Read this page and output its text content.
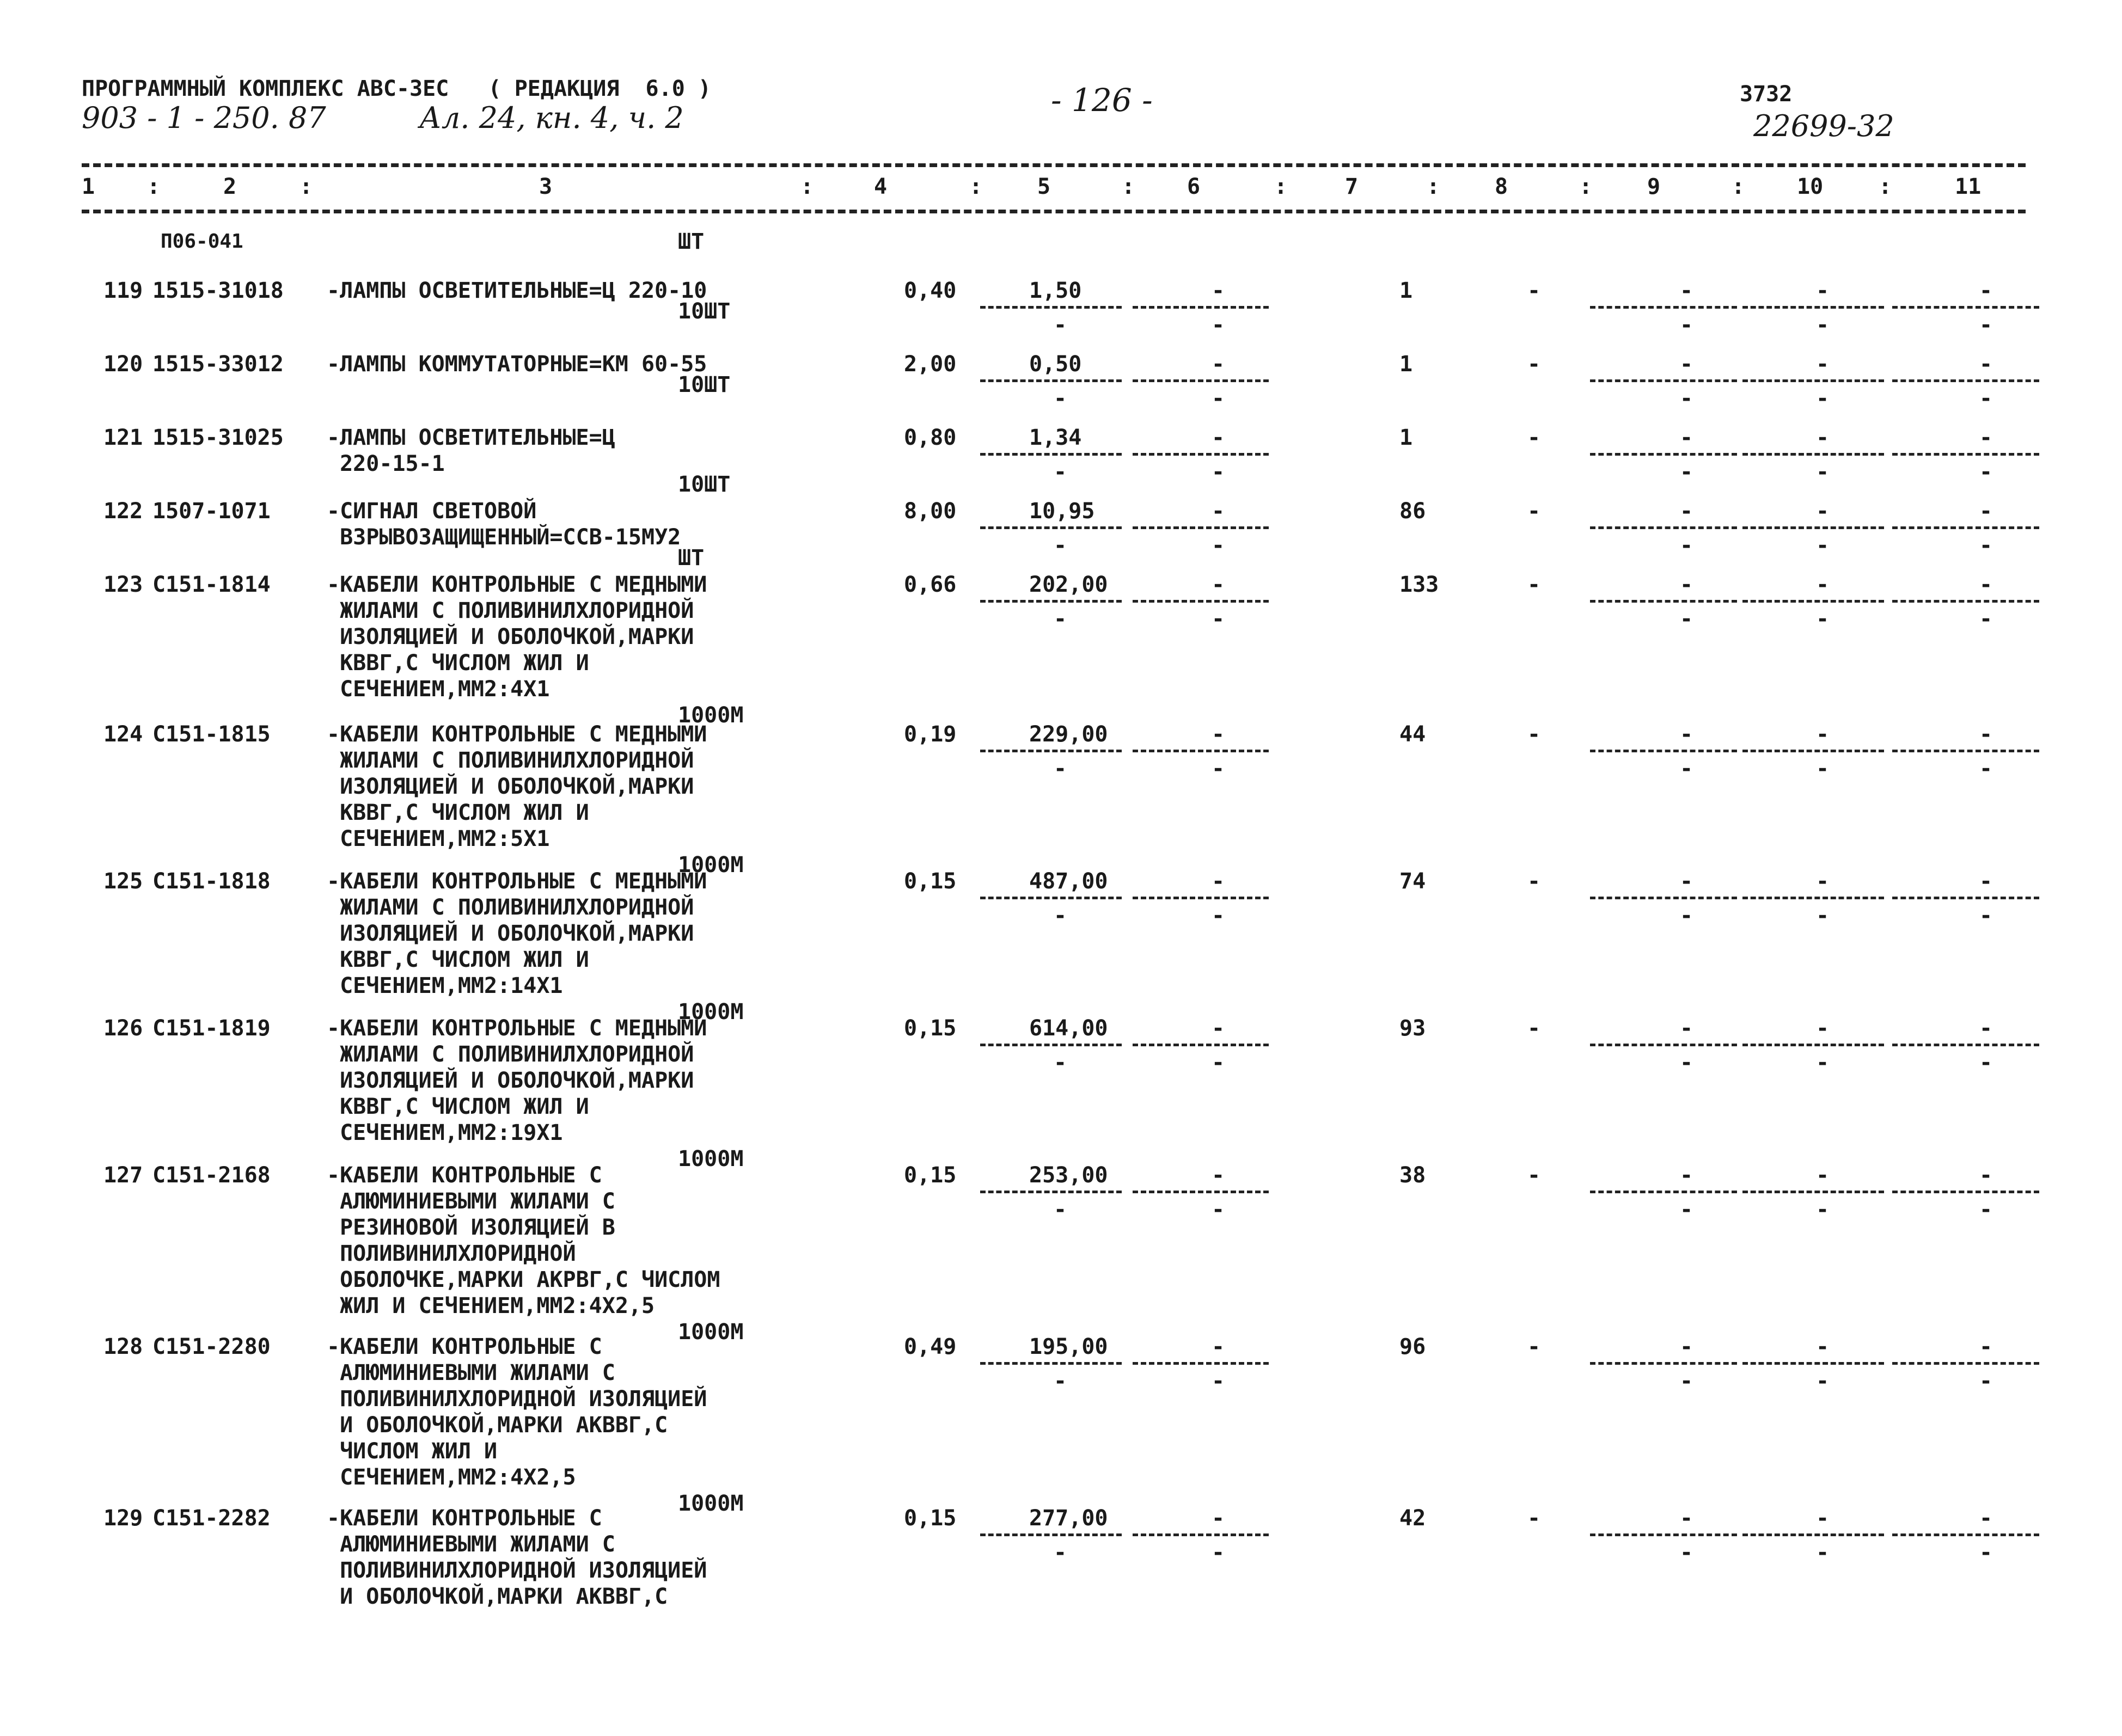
ПРОГРАММНЫЙ КОМПЛЕКС АВС-3ЕС   ( РЕДАКЦИЯ  6.0 )
903 - 1 - 250. 87	Ал. 24, кн. 4, ч. 2	- 126 -	3732
22699-32
1	2	3	4	5	6	7	8	9	10	11
:	:	:	:	:	:	:	:	:	:
П06-041	ШТ
119 1515-31018 -ЛАМПЫ ОСВЕТИТЕЛЬНЫЕ=Ц 220-10
10ШТ
0,40	1,50	-	1	-	-	-	-
-	-	-	-	-
120 1515-33012 -ЛАМПЫ КОММУТАТОРНЫЕ=КМ 60-55
10ШТ
2,00	0,50	-	1	-	-	-	-
-	-	-	-	-
121 1515-31025 -ЛАМПЫ ОСВЕТИТЕЛЬНЫЕ=Ц
220-15-1
10ШТ
0,80	1,34	-	1	-	-	-	-
-	-	-	-	-
122 1507-1071	-СИГНАЛ СВЕТОВОЙ
ВЗРЫВОЗАЩИЩЕННЫЙ=ССВ-15МУ2
ШТ
8,00	10,95	-	86	-	-	-	-
-	-	-	-	-
123 С151-1814	-КАБЕЛИ КОНТРОЛЬНЫЕ С МЕДНЫМИ
ЖИЛАМИ С ПОЛИВИНИЛХЛОРИДНОЙ
ИЗОЛЯЦИЕЙ И ОБОЛОЧКОЙ,МАРКИ
КВВГ,С ЧИСЛОМ ЖИЛ И
СЕЧЕНИЕМ,ММ2:4Х1
1000М
0,66	202,00	-	133	-	-	-	-
-	-	-	-	-
124 С151-1815	-КАБЕЛИ КОНТРОЛЬНЫЕ С МЕДНЫМИ
ЖИЛАМИ С ПОЛИВИНИЛХЛОРИДНОЙ
ИЗОЛЯЦИЕЙ И ОБОЛОЧКОЙ,МАРКИ
КВВГ,С ЧИСЛОМ ЖИЛ И
СЕЧЕНИЕМ,ММ2:5Х1
1000М
0,19	229,00	-	44	-	-	-	-
-	-	-	-	-
125 С151-1818	-КАБЕЛИ КОНТРОЛЬНЫЕ С МЕДНЫМИ
ЖИЛАМИ С ПОЛИВИНИЛХЛОРИДНОЙ
ИЗОЛЯЦИЕЙ И ОБОЛОЧКОЙ,МАРКИ
КВВГ,С ЧИСЛОМ ЖИЛ И
СЕЧЕНИЕМ,ММ2:14Х1
1000М
0,15	487,00	-	74	-	-	-	-
-	-	-	-	-
126 С151-1819	-КАБЕЛИ КОНТРОЛЬНЫЕ С МЕДНЫМИ
ЖИЛАМИ С ПОЛИВИНИЛХЛОРИДНОЙ
ИЗОЛЯЦИЕЙ И ОБОЛОЧКОЙ,МАРКИ
КВВГ,С ЧИСЛОМ ЖИЛ И
СЕЧЕНИЕМ,ММ2:19Х1
1000М
0,15	614,00	-	93	-	-	-	-
-	-	-	-	-
127 С151-2168	-КАБЕЛИ КОНТРОЛЬНЫЕ С
АЛЮМИНИЕВЫМИ ЖИЛАМИ С
РЕЗИНОВОЙ ИЗОЛЯЦИЕЙ В
ПОЛИВИНИЛХЛОРИДНОЙ
ОБОЛОЧКЕ,МАРКИ АКРВГ,С ЧИСЛОМ
ЖИЛ И СЕЧЕНИЕМ,ММ2:4Х2,5
1000М
0,15	253,00	-	38	-	-	-	-
-	-	-	-	-
128 С151-2280	-КАБЕЛИ КОНТРОЛЬНЫЕ С
АЛЮМИНИЕВЫМИ ЖИЛАМИ С
ПОЛИВИНИЛХЛОРИДНОЙ ИЗОЛЯЦИЕЙ
И ОБОЛОЧКОЙ,МАРКИ АКВВГ,С
ЧИСЛОМ ЖИЛ И
СЕЧЕНИЕМ,ММ2:4Х2,5
1000М
0,49	195,00	-	96	-	-	-	-
-	-	-	-	-
129 С151-2282	-КАБЕЛИ КОНТРОЛЬНЫЕ С
АЛЮМИНИЕВЫМИ ЖИЛАМИ С
ПОЛИВИНИЛХЛОРИДНОЙ ИЗОЛЯЦИЕЙ
И ОБОЛОЧКОЙ,МАРКИ АКВВГ,С
0,15	277,00	-	42	-	-	-	-
-	-	-	-	-
